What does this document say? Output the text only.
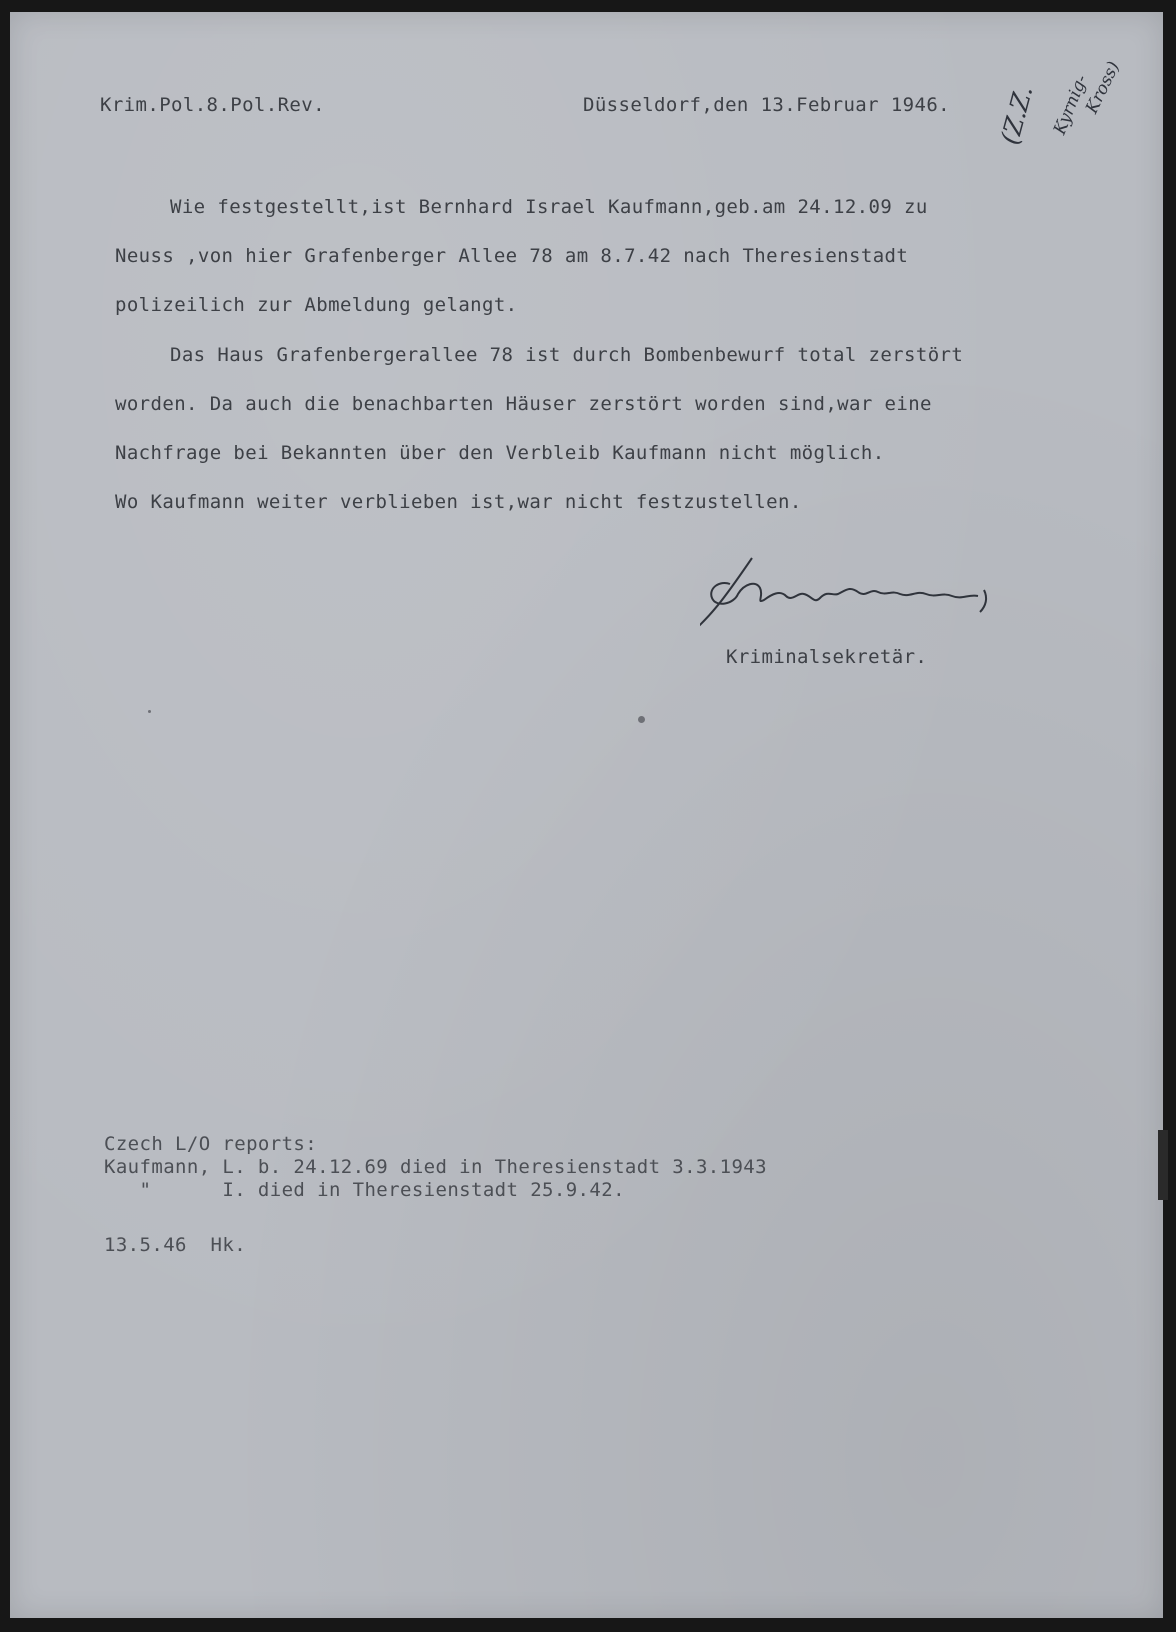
Krim.Pol.8.Pol.Rev.	Düsseldorf,den 13.Februar 1946. (Z.Z. Kyrnig-

Kross)

Wie festgestellt,ist Bernhard Israel Kaufmann,geb.am 24.12.09 zu

Neuss ,von hier Grafenberger Allee 78 am 8.7.42 nach Theresienstadt

polizeilich zur Abmeldung gelangt.

Das Haus Grafenbergerallee 78 ist durch Bombenbewurf total zerstört

worden. Da auch die benachbarten Häuser zerstört worden sind,war eine

Nachfrage bei Bekannten über den Verbleib Kaufmann nicht möglich.

Wo Kaufmann weiter verblieben ist,war nicht festzustellen.

Kriminalsekretär.

Czech L/O reports:

Kaufmann, L. b. 24.12.69 died in Theresienstadt 3.3.1943

"      I. died in Theresienstadt 25.9.42.

13.5.46  Hk.
